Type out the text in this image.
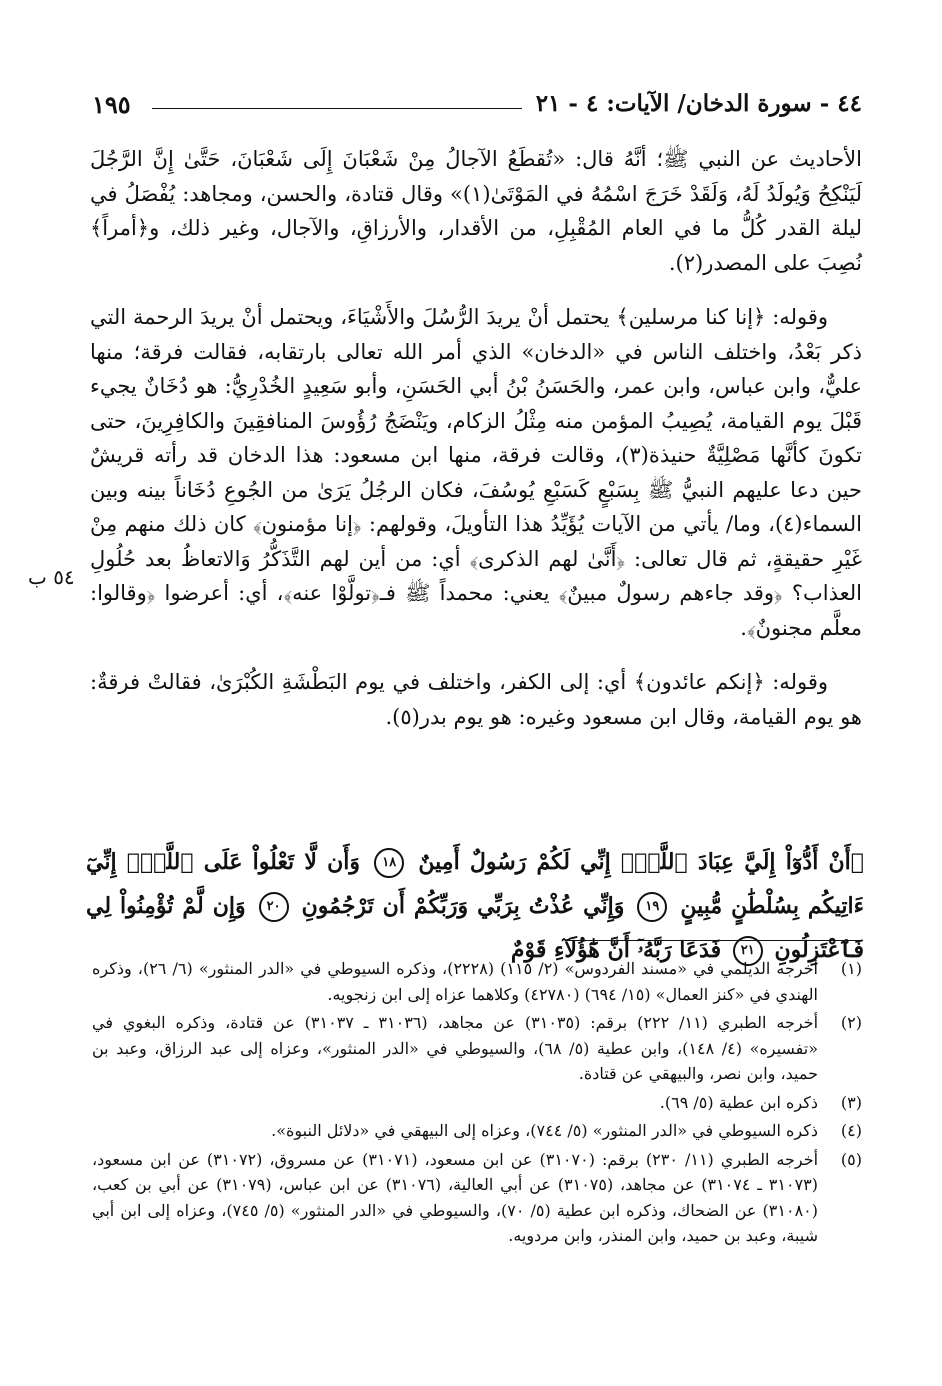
٤٤ - سورة الدخان/ الآيات: ٤ - ٢١
١٩٥

الأحاديث عن النبي ﷺ؛ أنَّهُ قال: «تُقطَعُ الآجالُ مِنْ شَعْبَانَ إِلَى شَعْبَانَ، حَتَّىٰ إِنَّ الرَّجُلَ لَيَنْكِحُ وَيُولَدُ لَهُ، وَلَقَدْ خَرَجَ اسْمُهُ في المَوْتَىٰ(١)» وقال قتادة، والحسن، ومجاهد: يُفْصَلُ في ليلة القدر كُلُّ ما في العام المُقْبِلِ، من الأقدار، والأرزاقِ، والآجال، وغير ذلك، و﴿أمراً﴾ نُصِبَ على المصدر(٢).

وقوله: ﴿إنا كنا مرسلين﴾ يحتمل أنْ يريدَ الرُّسُلَ والأَشْيَاءَ، ويحتمل أنْ يريدَ الرحمة التي ذكر بَعْدُ، واختلف الناس في «الدخان» الذي أمر الله تعالى بارتقابه، فقالت فرقة؛ منها عليٌّ، وابن عباس، وابن عمر، والحَسَنُ بْنُ أبي الحَسَنِ، وأبو سَعِيدٍ الخُدْرِيُّ: هو دُخَانٌ يجيء قَبْلَ يوم القيامة، يُصِيبُ المؤمن منه مِثْلُ الزكام، ويَنْضَجُ رُؤُوسَ المنافقِينَ والكافِرِينَ، حتى تكونَ كأنَّها مَصْلِيَّةٌ حنيذة(٣)، وقالت فرقة، منها ابن مسعود: هذا الدخان قد رأته قريشٌ حين دعا عليهم النبيُّ ﷺ بِسَبْعٍ كَسَبْعِ يُوسُفَ، فكان الرجُلُ يَرَىٰ من الجُوعِ دُخَاناً بينه وبين السماء(٤)، وما/ يأتي من الآيات يُؤَيِّدُ هذا التأويلَ، وقولهم: ﴿إنا مؤمنون﴾ كان ذلك منهم مِنْ غَيْرِ حقيقةٍ، ثم قال تعالى: ﴿أَنَّىٰ لهم الذكرى﴾ أي: من أين لهم التَّذَكُّرُ وَالاتعاظُ بعد حُلُولِ العذاب؟ ﴿وقد جاءهم رسولٌ مبينٌ﴾ يعني: محمداً ﷺ فـ﴿تولَّوْا عنه﴾، أي: أعرضوا ﴿وقالوا: معلَّم مجنونٌ﴾.

وقوله: ﴿إنكم عائدون﴾ أي: إلى الكفر، واختلف في يوم البَطْشَةِ الكُبْرَىٰ، فقالتْ فرقةٌ: هو يوم القيامة، وقال ابن مسعود وغيره: هو يوم بدر(٥).

٥٤ ب
﴿أَنْ أَدُّوٓاْ إِلَيَّ عِبَادَ ٱللَّهِۖ إِنِّي لَكُمْ رَسُولٌ أَمِينٌ ١٨ وَأَن لَّا تَعْلُواْ عَلَى ٱللَّهِۖ إِنِّيٓ ءَاتِيكُم بِسُلْطَٰنٍ مُّبِينٍ ١٩ وَإِنِّي عُذْتُ بِرَبِّي وَرَبِّكُمْ أَن تَرْجُمُونِ ٢٠ وَإِن لَّمْ تُؤْمِنُواْ لِي فَٱعْتَزِلُونِ ٢١ فَدَعَا رَبَّهُۥٓ أَنَّ هَٰٓؤُلَآءِ قَوْمٌ
(١)
أخرجه الديلمي في «مسند الفردوس» (٢/ ١١٥) (٢٢٢٨)، وذكره السيوطي في «الدر المنثور» (٦/ ٢٦)، وذكره الهندي في «كنز العمال» (١٥/ ٦٩٤) (٤٢٧٨٠) وكلاهما عزاه إلى ابن زنجويه.
(٢)
أخرجه الطبري (١١/ ٢٢٢) برقم: (٣١٠٣٥) عن مجاهد، (٣١٠٣٦ ـ ٣١٠٣٧) عن قتادة، وذكره البغوي في «تفسيره» (٤/ ١٤٨)، وابن عطية (٥/ ٦٨)، والسيوطي في «الدر المنثور»، وعزاه إلى عبد الرزاق، وعبد بن حميد، وابن نصر، والبيهقي عن قتادة.
(٣)
ذكره ابن عطية (٥/ ٦٩).
(٤)
ذكره السيوطي في «الدر المنثور» (٥/ ٧٤٤)، وعزاه إلى البيهقي في «دلائل النبوة».
(٥)
أخرجه الطبري (١١/ ٢٣٠) برقم: (٣١٠٧٠) عن ابن مسعود، (٣١٠٧١) عن مسروق، (٣١٠٧٢) عن ابن مسعود، (٣١٠٧٣ ـ ٣١٠٧٤) عن مجاهد، (٣١٠٧٥) عن أبي العالية، (٣١٠٧٦) عن ابن عباس، (٣١٠٧٩) عن أبي بن كعب، (٣١٠٨٠) عن الضحاك، وذكره ابن عطية (٥/ ٧٠)، والسيوطي في «الدر المنثور» (٥/ ٧٤٥)، وعزاه إلى ابن أبي شيبة، وعبد بن حميد، وابن المنذر، وابن مردويه.
